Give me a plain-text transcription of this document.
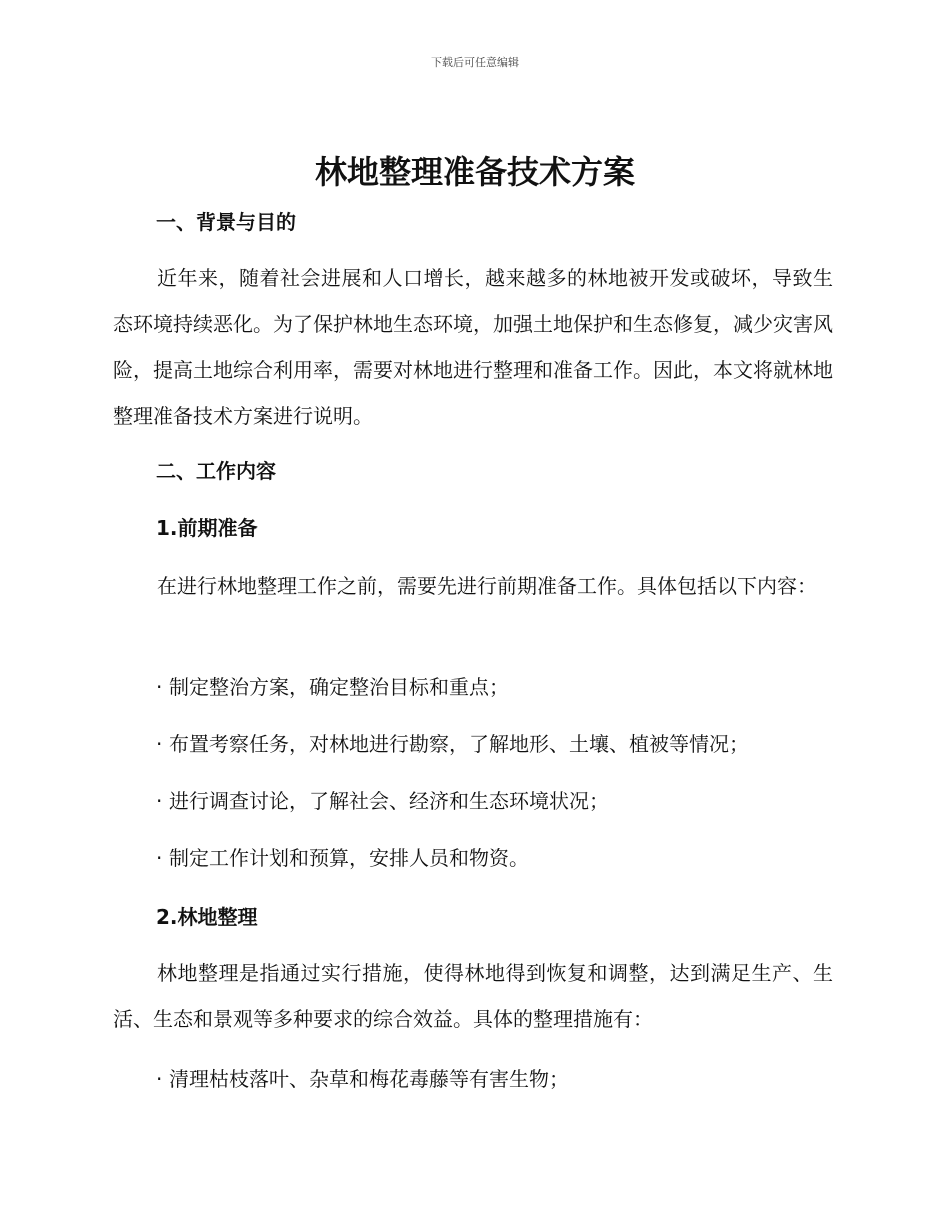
下载后可任意编辑
林地整理准备技术方案
一、背景与目的

近年来，随着社会进展和人口增长，越来越多的林地被开发或破坏，导致生态环境持续恶化。为了保护林地生态环境，加强土地保护和生态修复，减少灾害风险，提高土地综合利用率，需要对林地进行整理和准备工作。因此，本文将就林地整理准备技术方案进行说明。

二、工作内容
1.前期准备

在进行林地整理工作之前，需要先进行前期准备工作。具体包括以下内容：

· 制定整治方案，确定整治目标和重点；
· 布置考察任务，对林地进行勘察，了解地形、土壤、植被等情况；
· 进行调查讨论，了解社会、经济和生态环境状况；
· 制定工作计划和预算，安排人员和物资。
2.林地整理

林地整理是指通过实行措施，使得林地得到恢复和调整，达到满足生产、生活、生态和景观等多种要求的综合效益。具体的整理措施有：

· 清理枯枝落叶、杂草和梅花毒藤等有害生物；
